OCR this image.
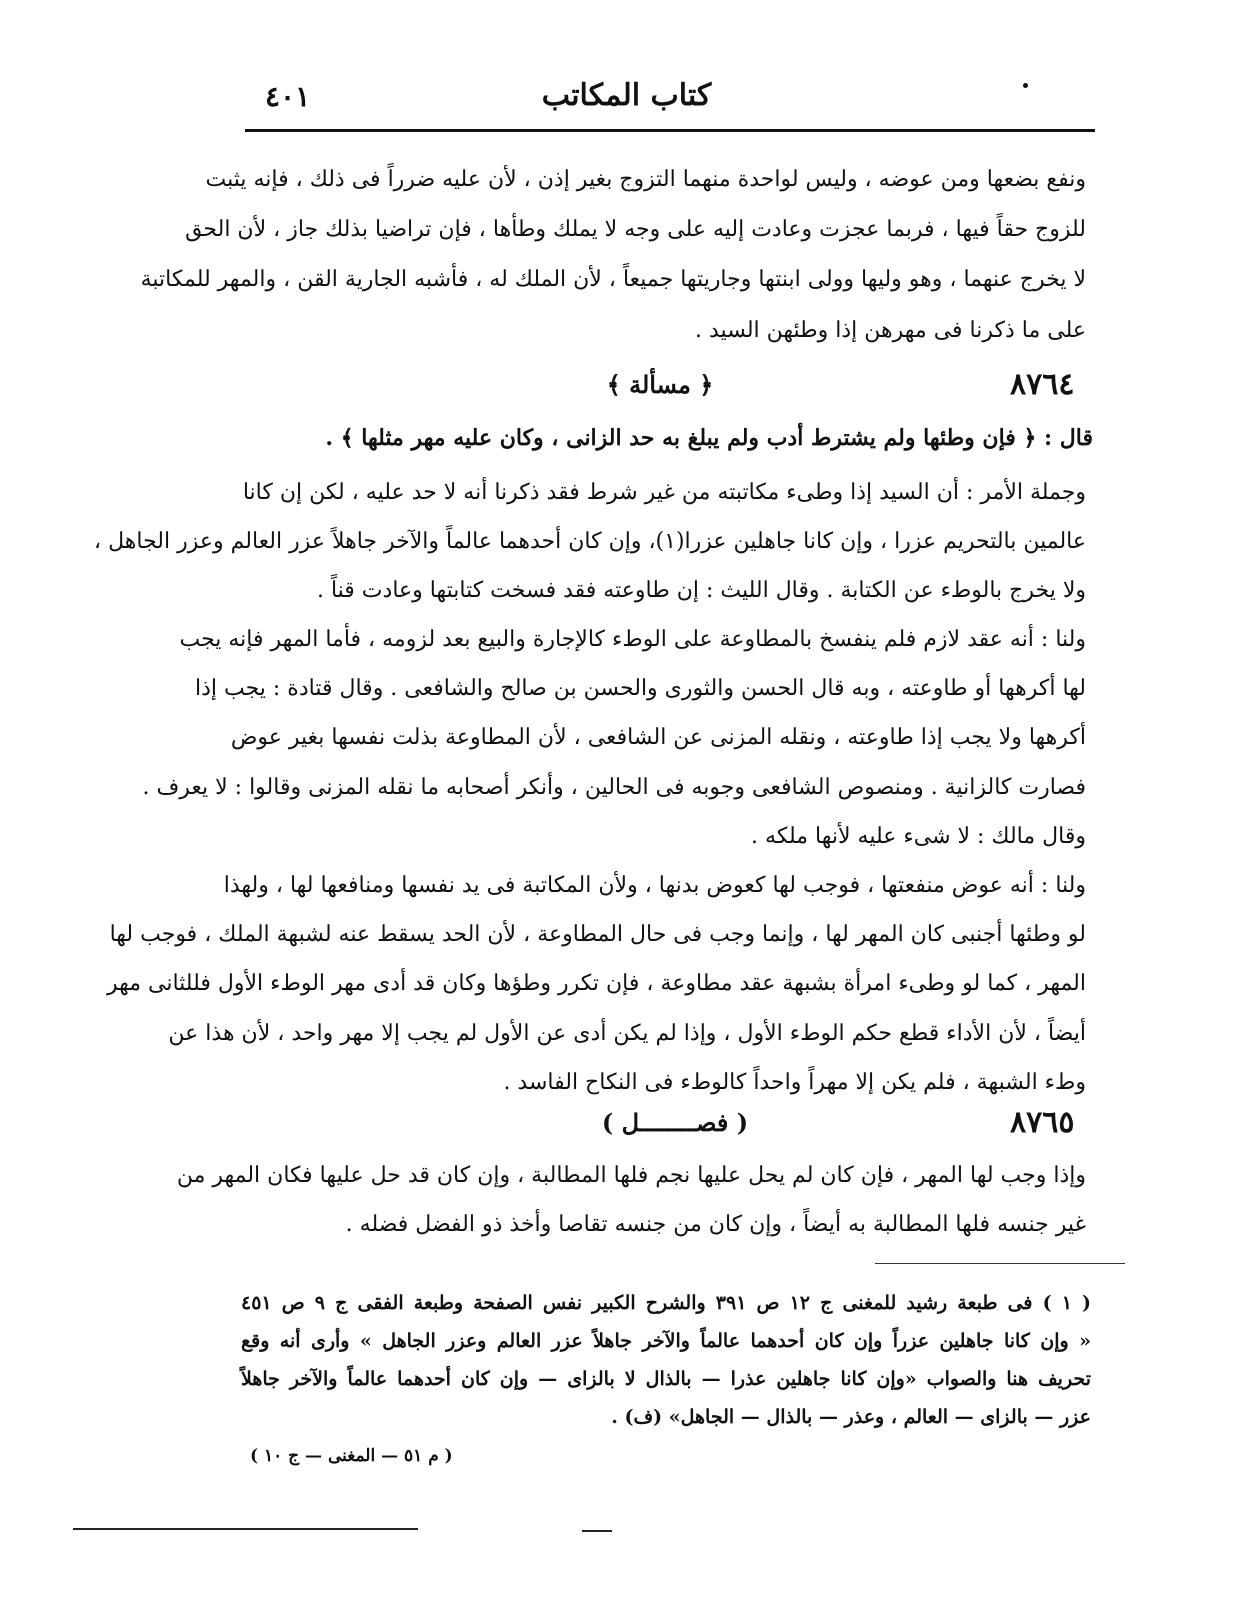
كتاب المكاتب
٤٠١
ونفع بضعها ومن عوضه ، وليس لواحدة منهما التزوج بغير إذن ، لأن عليه ضرراً فى ذلك ، فإنه يثبت
للزوج حقاً فيها ، فربما عجزت وعادت إليه على وجه لا يملك وطأها ، فإن تراضيا بذلك جاز ، لأن الحق
لا يخرج عنهما ، وهو وليها وولى ابنتها وجاريتها جميعاً ، لأن الملك له ، فأشبه الجارية القن ، والمهر للمكاتبة
على ما ذكرنا فى مهرهن إذا وطئهن السيد .
٨٧٦٤
﴿ مسألة ﴾
قال : ﴿ فإن وطئها ولم يشترط أدب ولم يبلغ به حد الزانى ، وكان عليه مهر مثلها ﴾ .
وجملة الأمر : أن السيد إذا وطىء مكاتبته من غير شرط فقد ذكرنا أنه لا حد عليه ، لكن إن كانا
عالمين بالتحريم عزرا ، وإن كانا جاهلين عزرا(١)، وإن كان أحدهما عالماً والآخر جاهلاً عزر العالم وعزر الجاهل ،
ولا يخرج بالوطء عن الكتابة . وقال الليث : إن طاوعته فقد فسخت كتابتها وعادت قناً .
ولنا : أنه عقد لازم فلم ينفسخ بالمطاوعة على الوطء كالإجارة والبيع بعد لزومه ، فأما المهر فإنه يجب
لها أكرهها أو طاوعته ، وبه قال الحسن والثورى والحسن بن صالح والشافعى . وقال قتادة : يجب إذا
أكرهها ولا يجب إذا طاوعته ، ونقله المزنى عن الشافعى ، لأن المطاوعة بذلت نفسها بغير عوض
فصارت كالزانية . ومنصوص الشافعى وجوبه فى الحالين ، وأنكر أصحابه ما نقله المزنى وقالوا : لا يعرف .
وقال مالك : لا شىء عليه لأنها ملكه .
ولنا : أنه عوض منفعتها ، فوجب لها كعوض بدنها ، ولأن المكاتبة فى يد نفسها ومنافعها لها ، ولهذا
لو وطئها أجنبى كان المهر لها ، وإنما وجب فى حال المطاوعة ، لأن الحد يسقط عنه لشبهة الملك ، فوجب لها
المهر ، كما لو وطىء امرأة بشبهة عقد مطاوعة ، فإن تكرر وطؤها وكان قد أدى مهر الوطء الأول فللثانى مهر
أيضاً ، لأن الأداء قطع حكم الوطء الأول ، وإذا لم يكن أدى عن الأول لم يجب إلا مهر واحد ، لأن هذا عن
وطء الشبهة ، فلم يكن إلا مهراً واحداً كالوطء فى النكاح الفاسد .
٨٧٦٥
( فصــــــــل )
وإذا وجب لها المهر ، فإن كان لم يحل عليها نجم فلها المطالبة ، وإن كان قد حل عليها فكان المهر من
غير جنسه فلها المطالبة به أيضاً ، وإن كان من جنسه تقاصا وأخذ ذو الفضل فضله .
( ١ ) فى طبعة رشيد للمغنى ج ١٢ ص ٣٩١ والشرح الكبير نفس الصفحة وطبعة الفقى ج ٩ ص ٤٥١
« وإن كانا جاهلين عزراً وإن كان أحدهما عالماً والآخر جاهلاً عزر العالم وعزر الجاهل » وأرى أنه وقع
تحريف هنا والصواب «وإن كانا جاهلين عذرا — بالذال لا بالزاى — وإن كان أحدهما عالماً والآخر جاهلاً
عزر — بالزاى — العالم ، وعذر — بالذال — الجاهل» (ف) .
( م ٥١ — المغنى — ج ١٠ )
